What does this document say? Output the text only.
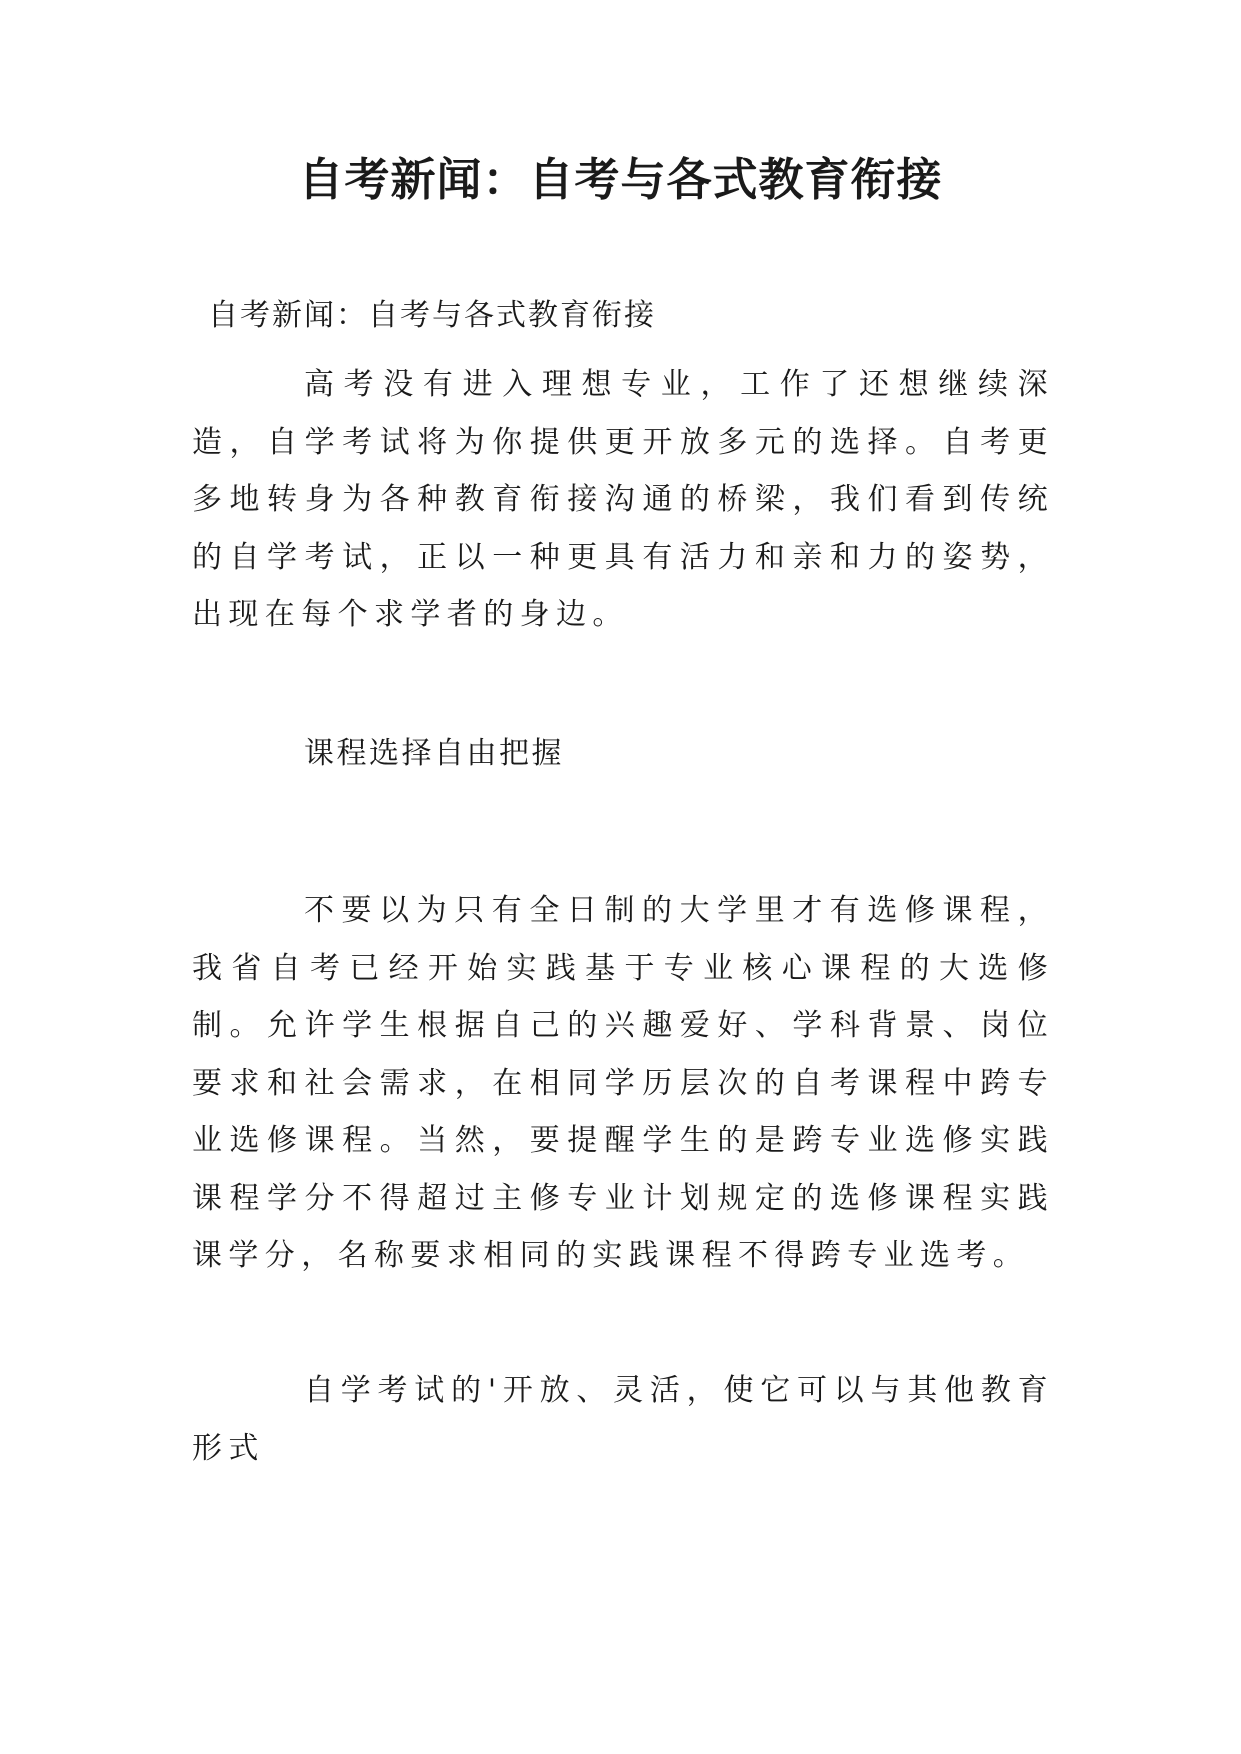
自考新闻：自考与各式教育衔接

自考新闻：自考与各式教育衔接

高考没有进入理想专业，工作了还想继续深造，自学考试将为你提供更开放多元的选择。自考更多地转身为各种教育衔接沟通的桥梁，我们看到传统的自学考试，正以一种更具有活力和亲和力的姿势，出现在每个求学者的身边。

课程选择自由把握

不要以为只有全日制的大学里才有选修课程，我省自考已经开始实践基于专业核心课程的大选修制。允许学生根据自己的兴趣爱好、学科背景、岗位要求和社会需求，在相同学历层次的自考课程中跨专业选修课程。当然，要提醒学生的是跨专业选修实践课程学分不得超过主修专业计划规定的选修课程实践课学分，名称要求相同的实践课程不得跨专业选考。

自学考试的'开放、灵活，使它可以与其他教育形式
